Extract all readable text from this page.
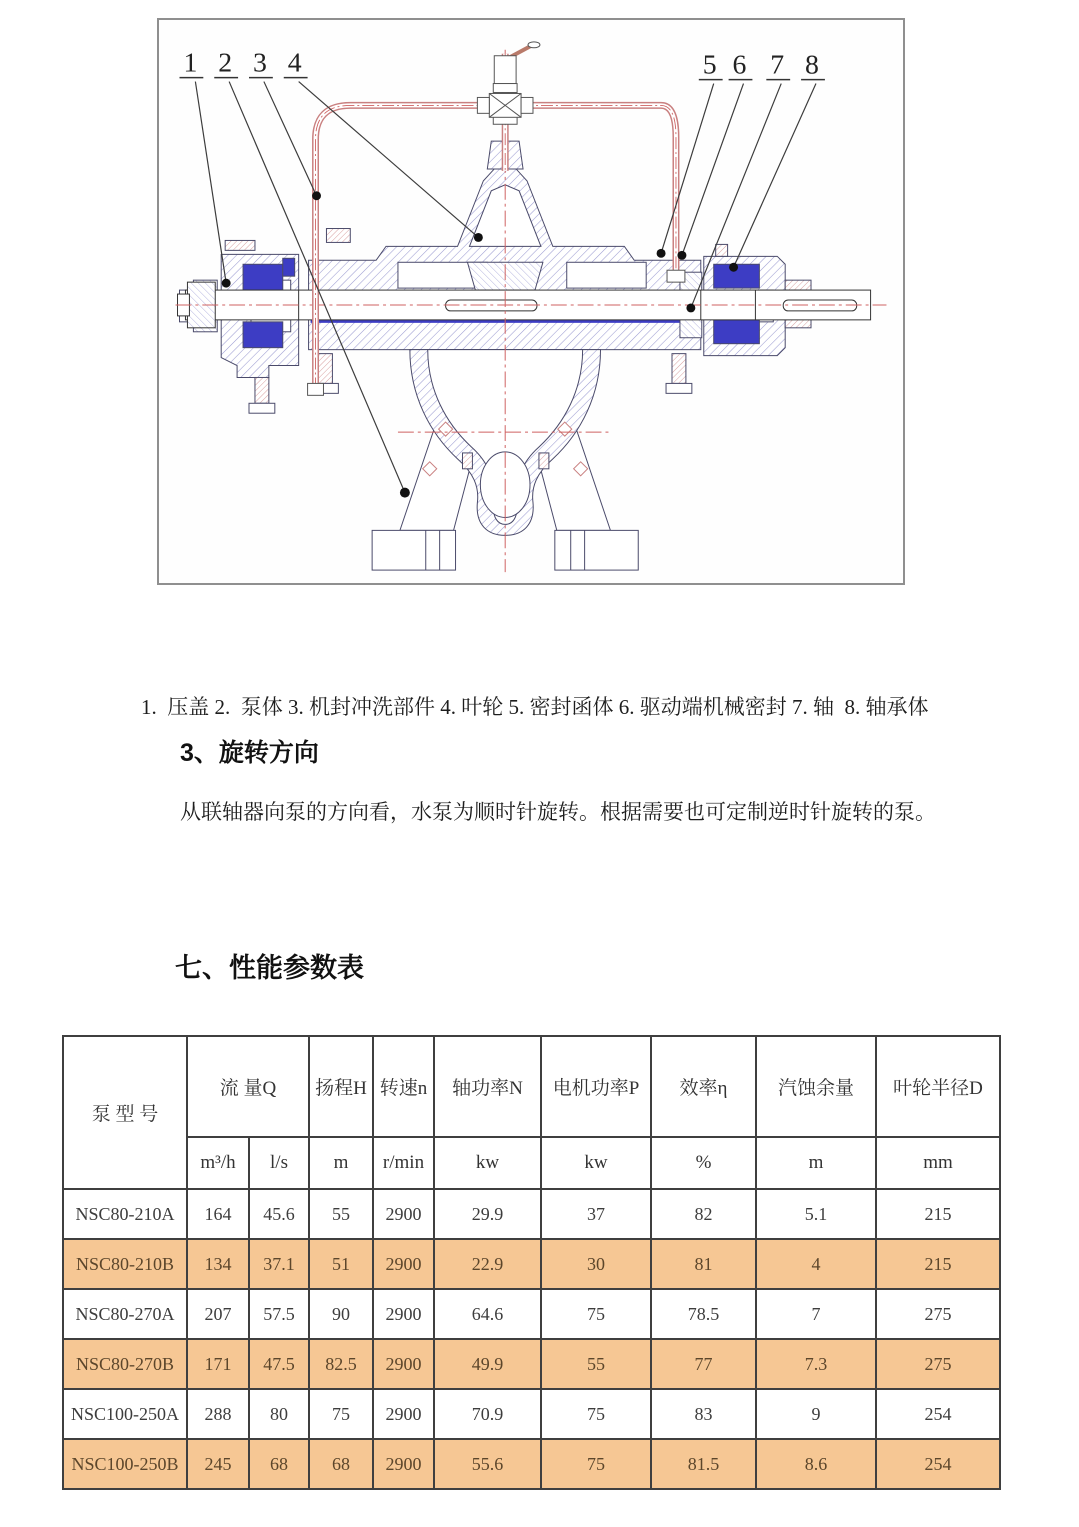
1 2 3 4	5 6 7 8
1.  压盖 2.  泵体 3. 机封冲洗部件 4. 叶轮 5. 密封函体 6. 驱动端机械密封 7. 轴  8. 轴承体
3、旋转方向

从联轴器向泵的方向看，水泵为顺时针旋转。根据需要也可定制逆时针旋转的泵。

七、性能参数表
泵 型 号	流 量Q		扬程H	转速n	轴功率N	电机功率P	效率η	汽蚀余量	叶轮半径D
	m³/h	l/s	m	r/min	kw	kw	%	m	mm
NSC80-210A	164	45.6	55	2900	29.9	37	82	5.1	215
NSC80-210B	134	37.1	51	2900	22.9	30	81	4	215
NSC80-270A	207	57.5	90	2900	64.6	75	78.5	7	275
NSC80-270B	171	47.5	82.5	2900	49.9	55	77	7.3	275
NSC100-250A	288	80	75	2900	70.9	75	83	9	254
NSC100-250B	245	68	68	2900	55.6	75	81.5	8.6	254
